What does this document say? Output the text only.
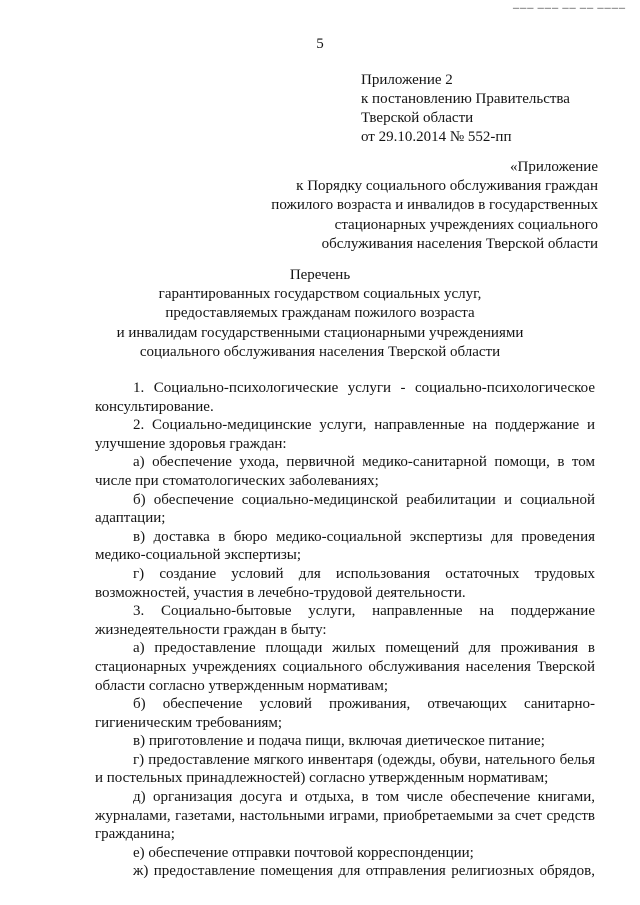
▁▁▁ ▁▁▁ ▁▁ ▁▁ ▁▁▁▁
5
Приложение 2
к постановлению Правительства
Тверской области
от 29.10.2014 № 552-пп
«Приложение
к Порядку социального обслуживания граждан
пожилого возраста и инвалидов в государственных
стационарных учреждениях социального
обслуживания населения Тверской области
Перечень
гарантированных государством социальных услуг,
предоставляемых гражданам пожилого возраста
и инвалидам государственными стационарными учреждениями
социального обслуживания населения Тверской области

1. Социально-психологические услуги - социально-психологическое консультирование.

2. Социально-медицинские услуги, направленные на поддержание и улучшение здоровья граждан:

а) обеспечение ухода, первичной медико-санитарной помощи, в том числе при стоматологических заболеваниях;

б) обеспечение социально-медицинской реабилитации и социальной адаптации;

в) доставка в бюро медико-социальной экспертизы для проведения медико-социальной экспертизы;

г) создание условий для использования остаточных трудовых возможностей, участия в лечебно-трудовой деятельности.

3. Социально-бытовые услуги, направленные на поддержание жизнедеятельности граждан в быту:

а) предоставление площади жилых помещений для проживания в стационарных учреждениях социального обслуживания населения Тверской области согласно утвержденным нормативам;

б) обеспечение условий проживания, отвечающих санитарно-гигиеническим требованиям;

в) приготовление и подача пищи, включая диетическое питание;

г) предоставление мягкого инвентаря (одежды, обуви, нательного белья и постельных принадлежностей) согласно утвержденным нормативам;

д) организация досуга и отдыха, в том числе обеспечение книгами, журналами, газетами, настольными играми, приобретаемыми за счет средств гражданина;

е) обеспечение отправки почтовой корреспонденции;

ж) предоставление помещения для отправления религиозных обрядов,
